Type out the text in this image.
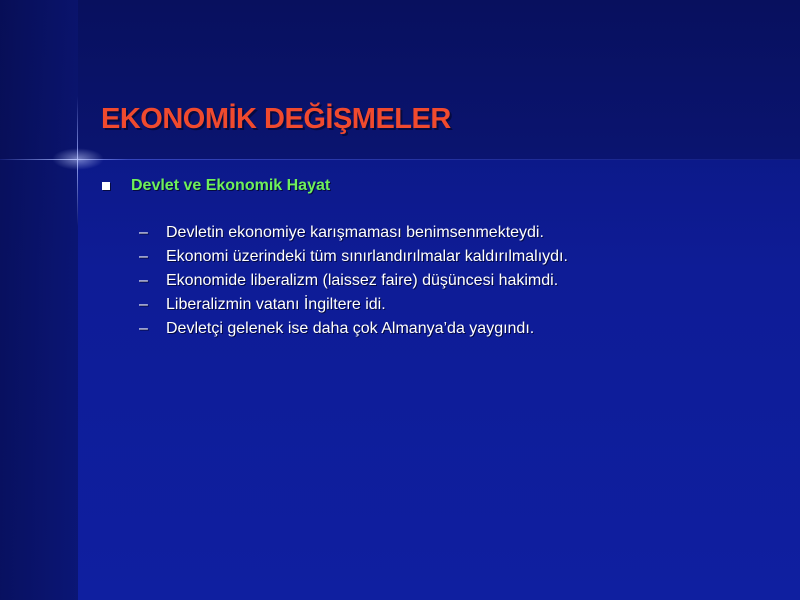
EKONOMİK DEĞİŞMELER
Devlet ve Ekonomik Hayat
–	Devletin ekonomiye karışmaması benimsenmekteydi.
–	Ekonomi üzerindeki tüm sınırlandırılmalar kaldırılmalıydı.
–	Ekonomide liberalizm (laissez faire) düşüncesi hakimdi.
–	Liberalizmin vatanı İngiltere idi.
–	Devletçi gelenek ise daha çok Almanya’da yaygındı.
